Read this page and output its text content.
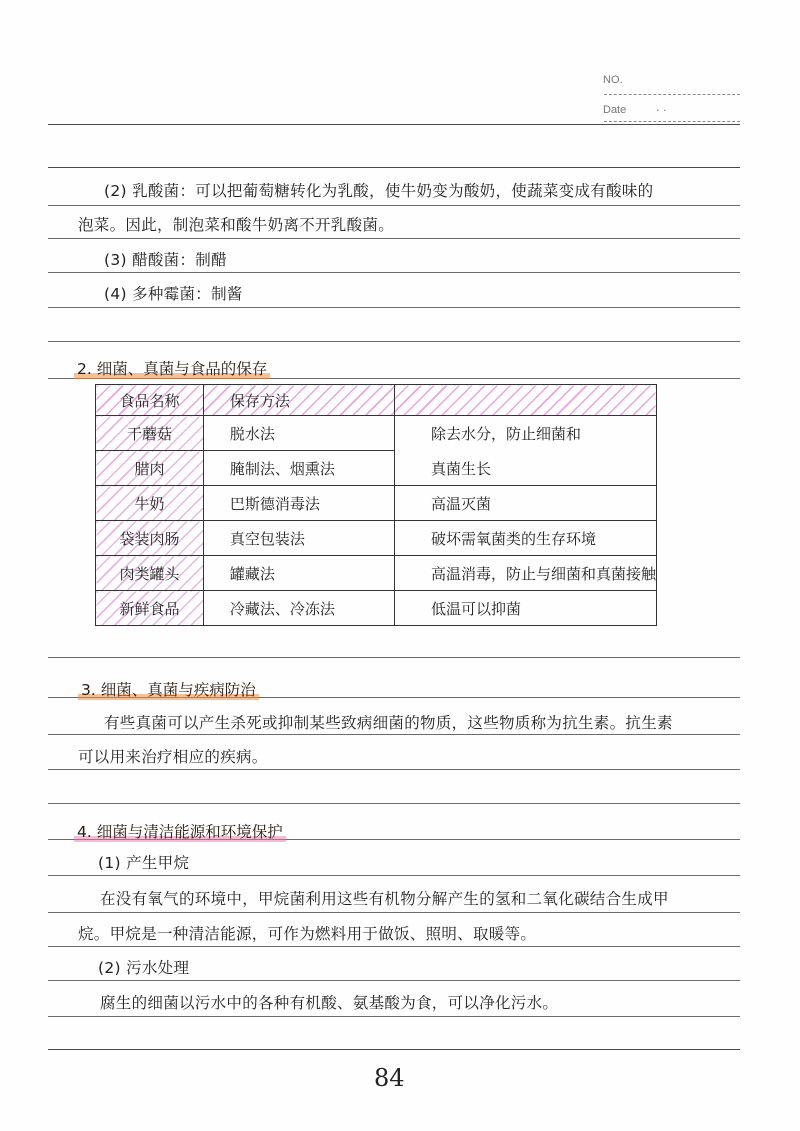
NO.
Date	· ·
(2) 乳酸菌：可以把葡萄糖转化为乳酸，使牛奶变为酸奶，使蔬菜变成有酸味的
泡菜。因此，制泡菜和酸牛奶离不开乳酸菌。
(3) 醋酸菌：制醋
(4) 多种霉菌：制酱
2. 细菌、真菌与食品的保存
食品名称	保存方法	
干蘑菇	脱水法	除去水分，防止细菌和
腊肉	腌制法、烟熏法	真菌生长
牛奶	巴斯德消毒法	高温灭菌
袋装肉肠	真空包装法	破坏需氧菌类的生存环境
肉类罐头	罐藏法	高温消毒，防止与细菌和真菌接触
新鲜食品	冷藏法、冷冻法	低温可以抑菌
3. 细菌、真菌与疾病防治
有些真菌可以产生杀死或抑制某些致病细菌的物质，这些物质称为抗生素。抗生素
可以用来治疗相应的疾病。
4. 细菌与清洁能源和环境保护
(1) 产生甲烷
在没有氧气的环境中，甲烷菌利用这些有机物分解产生的氢和二氧化碳结合生成甲
烷。甲烷是一种清洁能源，可作为燃料用于做饭、照明、取暖等。
(2) 污水处理
腐生的细菌以污水中的各种有机酸、氨基酸为食，可以净化污水。
84
